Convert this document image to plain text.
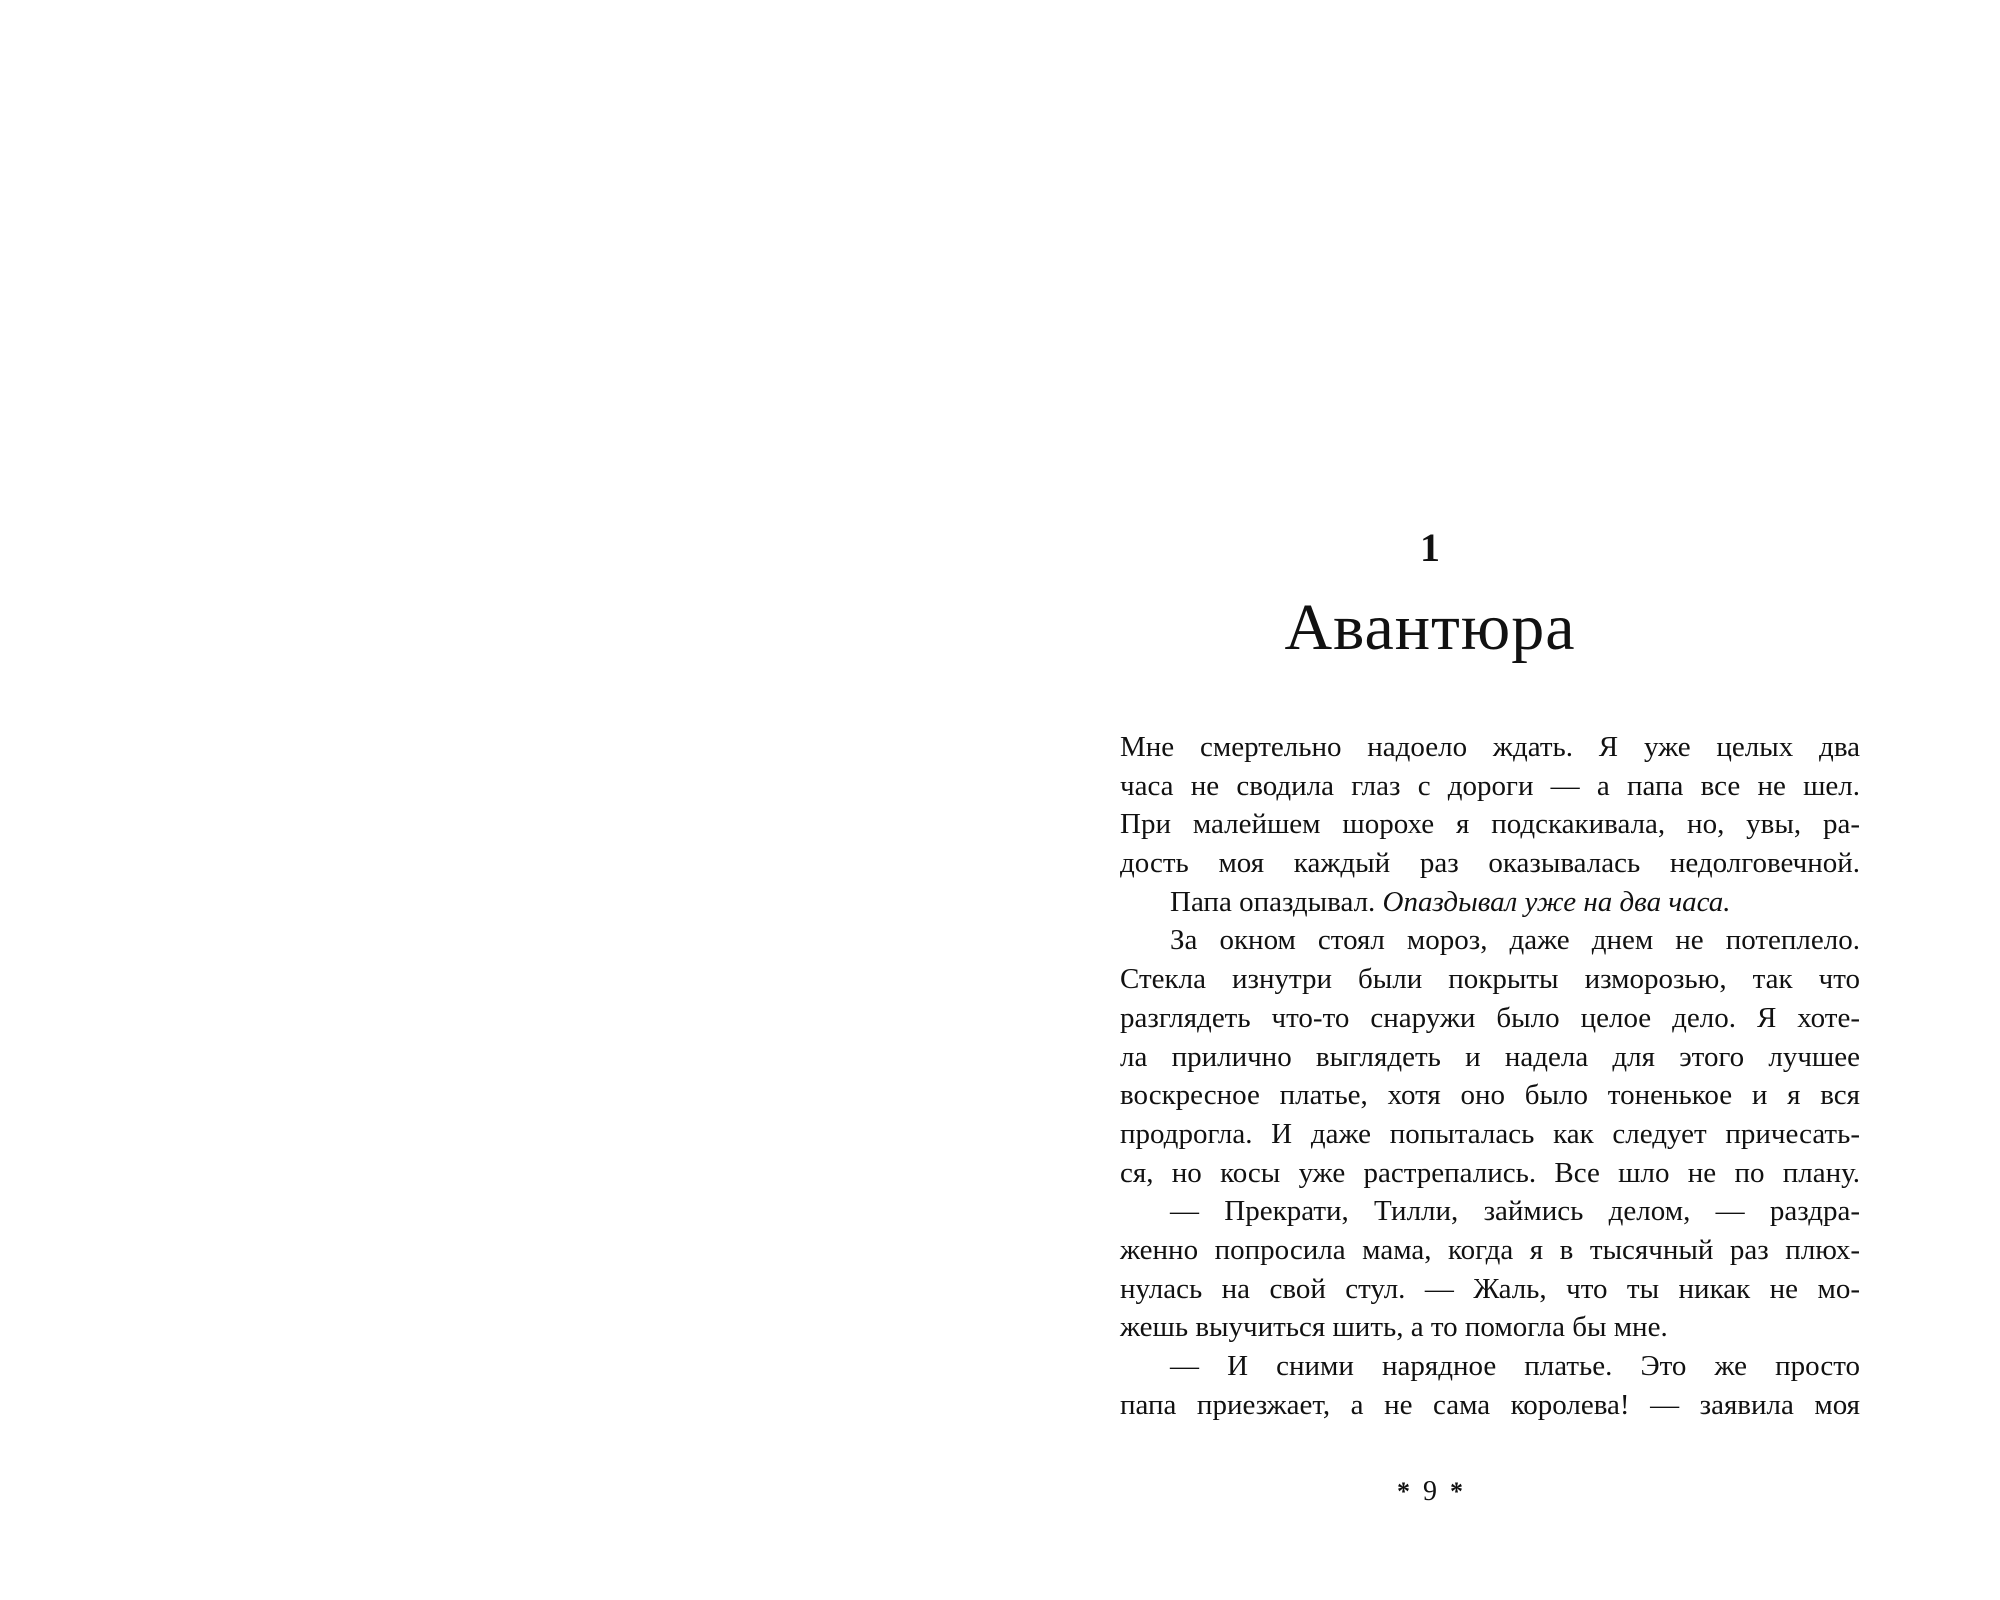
1
Авантюра
Мне смертельно надоело ждать. Я уже целых два
часа не сводила глаз с дороги — а папа все не шел.
При малейшем шорохе я подскакивала, но, увы, ра-
дость моя каждый раз оказывалась недолговечной.
Папа опаздывал. Опаздывал уже на два часа.
За окном стоял мороз, даже днем не потеплело.
Стекла изнутри были покрыты изморозью, так что
разглядеть что-то снаружи было целое дело. Я хоте-
ла прилично выглядеть и надела для этого лучшее
воскресное платье, хотя оно было тоненькое и я вся
продрогла. И даже попыталась как следует причесать-
ся, но косы уже растрепались. Все шло не по плану.
— Прекрати, Тилли, займись делом, — раздра-
женно попросила мама, когда я в тысячный раз плюх-
нулась на свой стул. — Жаль, что ты никак не мо-
жешь выучиться шить, а то помогла бы мне.
— И сними нарядное платье. Это же просто
папа приезжает, а не сама королева! — заявила моя
* 9 *
